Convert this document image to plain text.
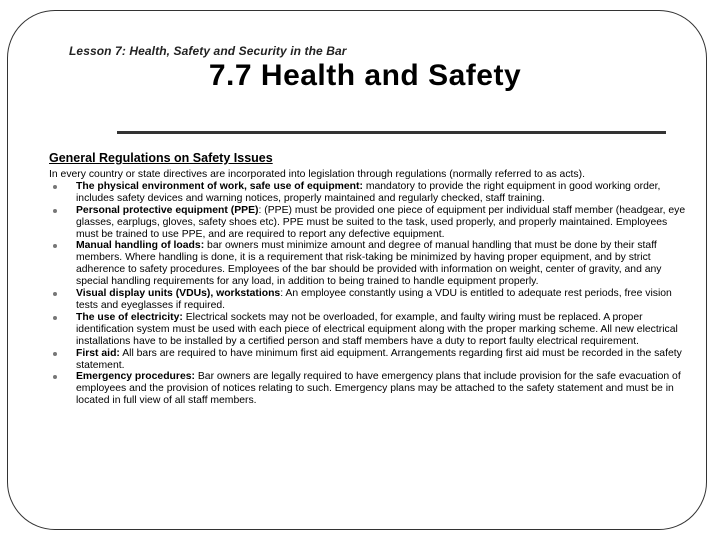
Lesson 7: Health, Safety and Security in the Bar
7.7 Health and Safety
General Regulations on Safety Issues

In every country or state directives are incorporated into legislation through regulations (normally referred to as acts).

The physical environment of work, safe use of equipment: mandatory to provide the right equipment in good working order, includes safety devices and warning notices, properly maintained and regularly checked, staff training.
Personal protective equipment (PPE): (PPE) must be provided one piece of equipment per individual staff member (headgear, eye glasses, earplugs, gloves, safety shoes etc). PPE must be suited to the task, used properly, and properly maintained. Employees must be trained to use PPE, and are required to report any defective equipment.
Manual handling of loads: bar owners must minimize amount and degree of manual handling that must be done by their staff members. Where handling is done, it is a requirement that risk-taking be minimized by having proper equipment, and by strict adherence to safety procedures. Employees of the bar should be provided with information on weight, center of gravity, and any special handling requirements for any load, in addition to being trained to handle equipment properly.
Visual display units (VDUs), workstations: An employee constantly using a VDU is entitled to adequate rest periods, free vision tests and eyeglasses if required.
The use of electricity: Electrical sockets may not be overloaded, for example, and faulty wiring must be replaced. A proper identification system must be used with each piece of electrical equipment along with the proper marking scheme. All new electrical installations have to be installed by a certified person and staff members have a duty to report faulty electrical requirement.
First aid: All bars are required to have minimum first aid equipment. Arrangements regarding first aid must be recorded in the safety statement.
Emergency procedures: Bar owners are legally required to have emergency plans that include provision for the safe evacuation of employees and the provision of notices relating to such. Emergency plans may be attached to the safety statement and must be in located in full view of all staff members.
